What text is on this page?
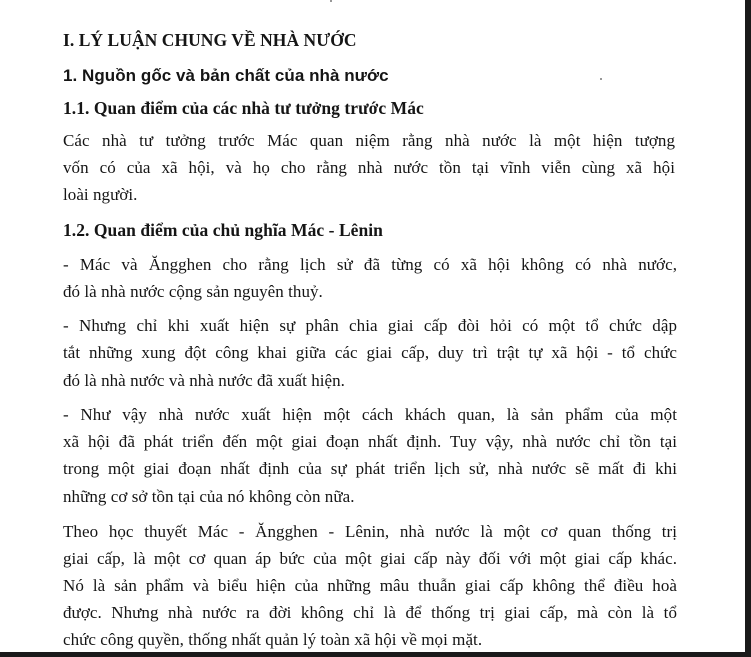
I. LÝ LUẬN CHUNG VỀ NHÀ NƯỚC
1. Nguồn gốc và bản chất của nhà nước
1.1. Quan điểm của các nhà tư tưởng trước Mác
Các nhà tư tưởng trước Mác quan niệm rằng nhà nước là một hiện tượng
vốn có của xã hội, và họ cho rằng nhà nước tồn tại vĩnh viễn cùng xã hội
loài người.
1.2. Quan điểm của chủ nghĩa Mác - Lênin
- Mác và Ăngghen cho rằng lịch sử đã từng có xã hội không có nhà nước,
đó là nhà nước cộng sản nguyên thuỷ.
- Nhưng chỉ khi xuất hiện sự phân chia giai cấp đòi hỏi có một tổ chức dập
tắt những xung đột công khai giữa các giai cấp, duy trì trật tự xã hội - tổ chức
đó là nhà nước và nhà nước đã xuất hiện.
- Như vậy nhà nước xuất hiện một cách khách quan, là sản phẩm của một
xã hội đã phát triển đến một giai đoạn nhất định. Tuy vậy, nhà nước chỉ tồn tại
trong một giai đoạn nhất định của sự phát triển lịch sử, nhà nước sẽ mất đi khi
những cơ sở tồn tại của nó không còn nữa.
Theo học thuyết Mác - Ăngghen - Lênin, nhà nước là một cơ quan thống trị
giai cấp, là một cơ quan áp bức của một giai cấp này đối với một giai cấp khác.
Nó là sản phẩm và biểu hiện của những mâu thuẫn giai cấp không thể điều hoà
được. Nhưng nhà nước ra đời không chỉ là để thống trị giai cấp, mà còn là tổ
chức công quyền, thống nhất quản lý toàn xã hội về mọi mặt.
